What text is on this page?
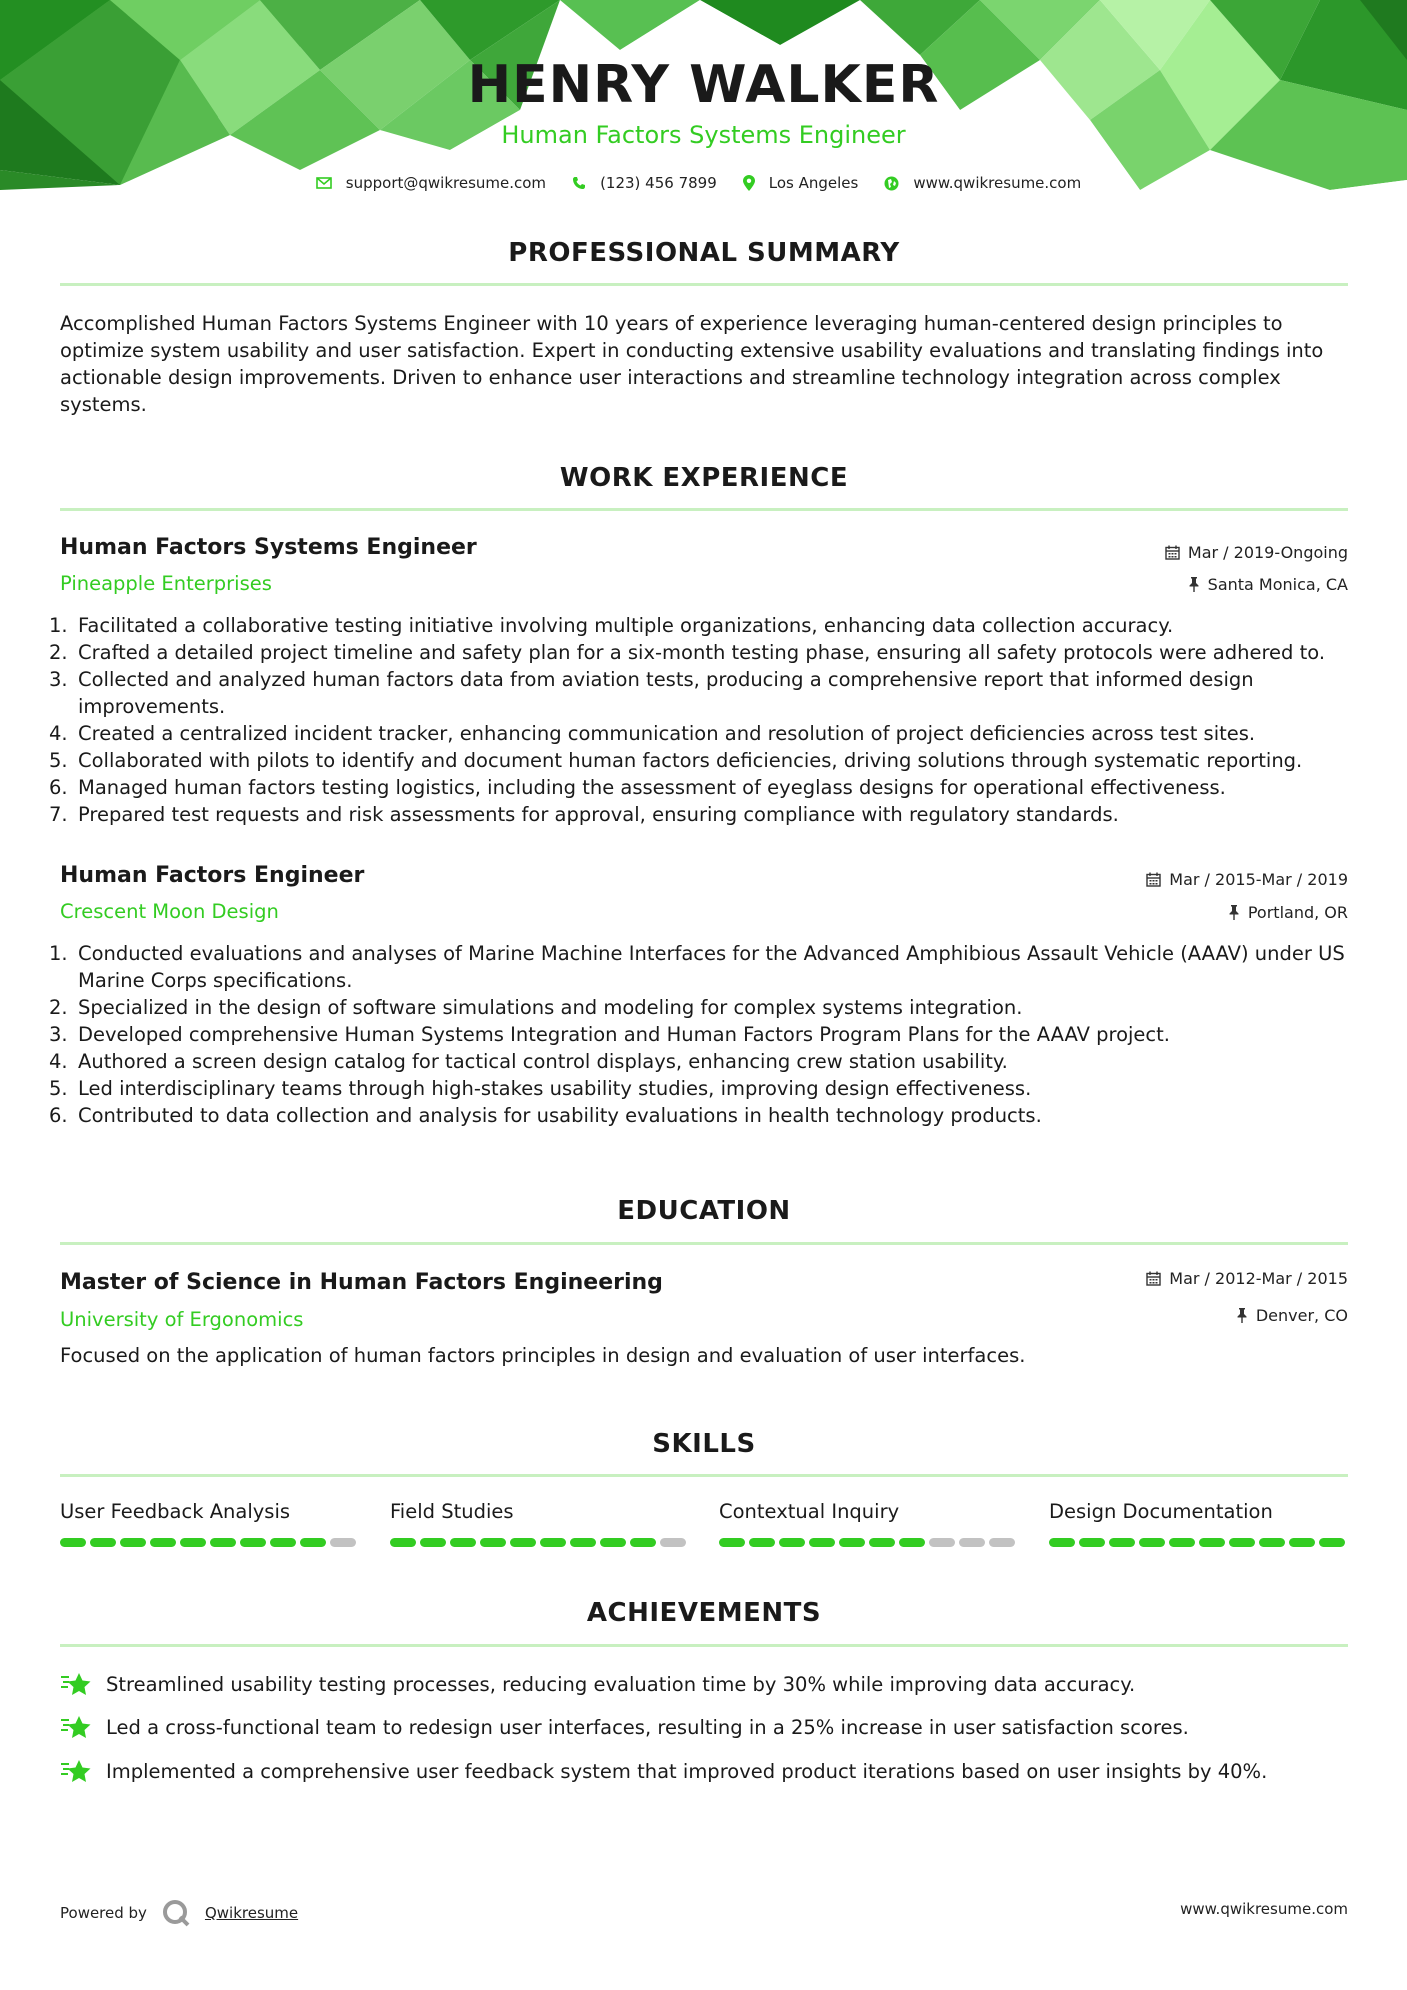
HENRY WALKER
Human Factors Systems Engineer
support@qwikresume.com	(123) 456 7899	Los Angeles	www.qwikresume.com
PROFESSIONAL SUMMARY
Accomplished Human Factors Systems Engineer with 10 years of experience leveraging human-centered design principles to optimize system usability and user satisfaction. Expert in conducting extensive usability evaluations and translating findings into actionable design improvements. Driven to enhance user interactions and streamline technology integration across complex systems.
WORK EXPERIENCE
Human Factors Systems Engineer
Pineapple Enterprises
Mar / 2019-Ongoing
Santa Monica, CA
1. Facilitated a collaborative testing initiative involving multiple organizations, enhancing data collection accuracy.
2. Crafted a detailed project timeline and safety plan for a six-month testing phase, ensuring all safety protocols were adhered to.
3. Collected and analyzed human factors data from aviation tests, producing a comprehensive report that informed design improvements.
4. Created a centralized incident tracker, enhancing communication and resolution of project deficiencies across test sites.
5. Collaborated with pilots to identify and document human factors deficiencies, driving solutions through systematic reporting.
6. Managed human factors testing logistics, including the assessment of eyeglass designs for operational effectiveness.
7. Prepared test requests and risk assessments for approval, ensuring compliance with regulatory standards.
Human Factors Engineer
Crescent Moon Design
Mar / 2015-Mar / 2019
Portland, OR
1. Conducted evaluations and analyses of Marine Machine Interfaces for the Advanced Amphibious Assault Vehicle (AAAV) under US Marine Corps specifications.
2. Specialized in the design of software simulations and modeling for complex systems integration.
3. Developed comprehensive Human Systems Integration and Human Factors Program Plans for the AAAV project.
4. Authored a screen design catalog for tactical control displays, enhancing crew station usability.
5. Led interdisciplinary teams through high-stakes usability studies, improving design effectiveness.
6. Contributed to data collection and analysis for usability evaluations in health technology products.
EDUCATION
Master of Science in Human Factors Engineering
University of Ergonomics
Mar / 2012-Mar / 2015
Denver, CO
Focused on the application of human factors principles in design and evaluation of user interfaces.
SKILLS
User Feedback Analysis	Field Studies	Contextual Inquiry	Design Documentation
ACHIEVEMENTS
Streamlined usability testing processes, reducing evaluation time by 30% while improving data accuracy.
Led a cross-functional team to redesign user interfaces, resulting in a 25% increase in user satisfaction scores.
Implemented a comprehensive user feedback system that improved product iterations based on user insights by 40%.
Powered by	Qwikresume	www.qwikresume.com
